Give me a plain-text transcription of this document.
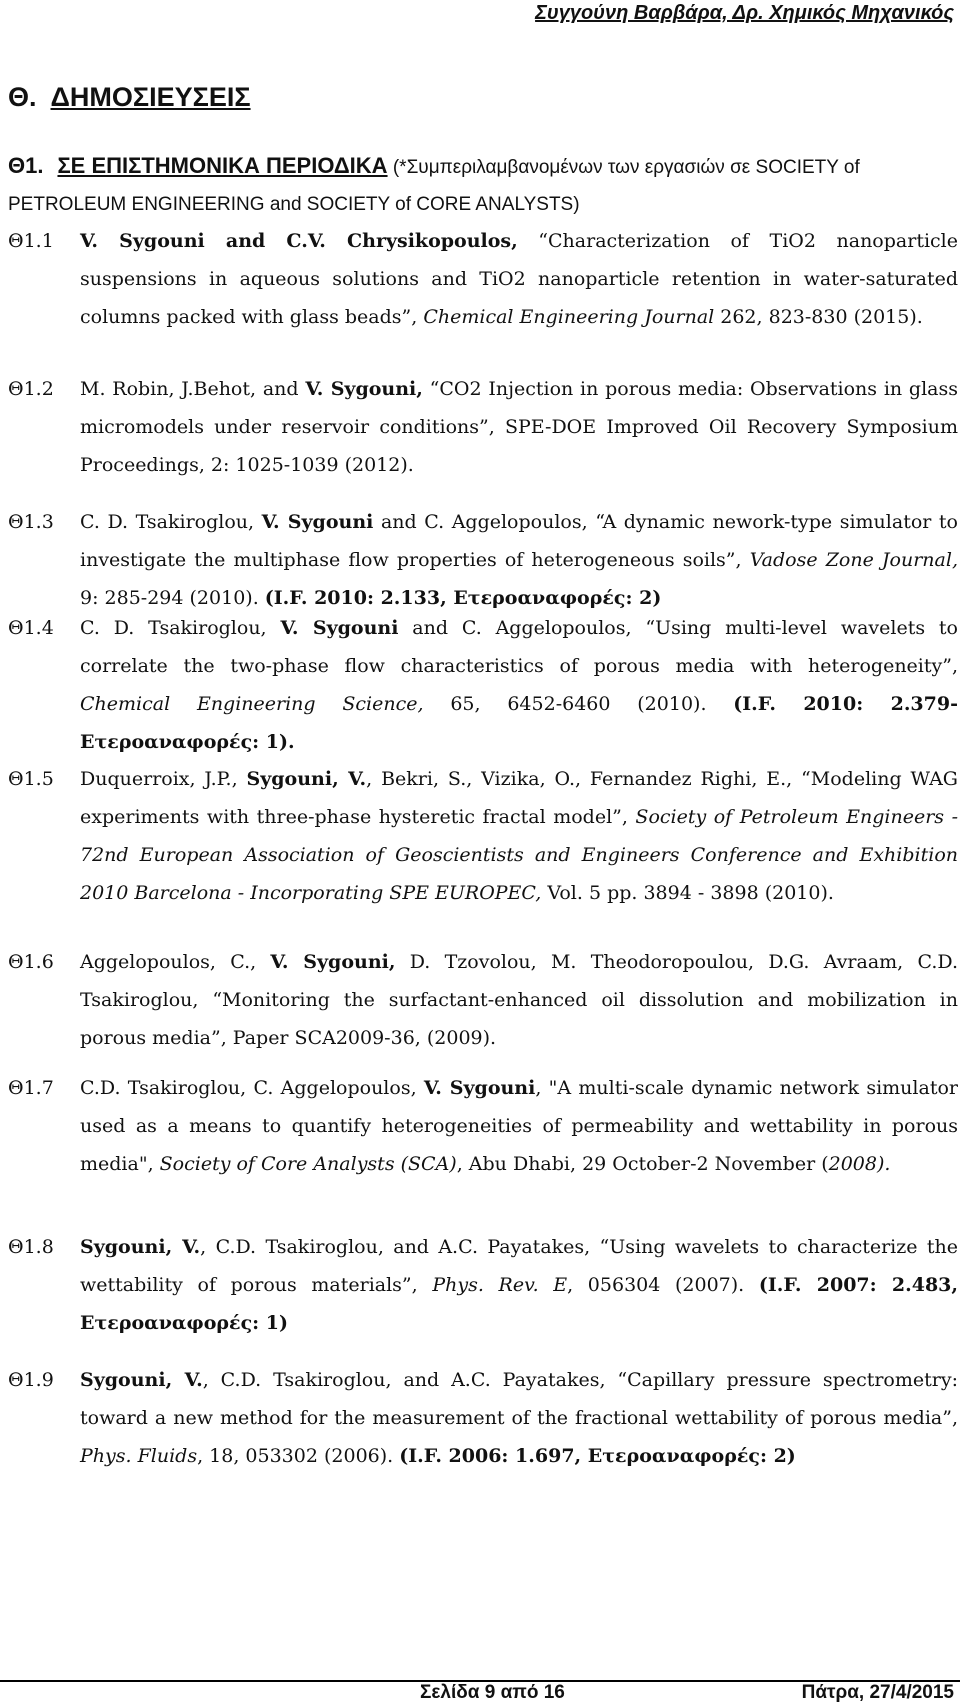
Συγγούνη Βαρβάρα, Δρ. Χημικός Μηχανικός
Θ. ΔΗΜΟΣΙΕΥΣΕΙΣ
Θ1. ΣΕ ΕΠΙΣΤΗΜΟΝΙΚΑ ΠΕΡΙΟΔΙΚΑ (*Συμπεριλαμβανομένων των εργασιών σε SOCIETY of PETROLEUM ENGINEERING and SOCIETY of CORE ANALYSTS)
Θ1.1 V. Sygouni and C.V. Chrysikopoulos, “Characterization of TiO2 nanoparticle suspensions in aqueous solutions and TiO2 nanoparticle retention in water-saturated columns packed with glass beads”, Chemical Engineering Journal 262, 823-830 (2015).
Θ1.2 M. Robin, J.Behot, and V. Sygouni, “CO2 Injection in porous media: Observations in glass micromodels under reservoir conditions”, SPE-DOE Improved Oil Recovery Symposium Proceedings, 2: 1025-1039 (2012).
Θ1.3 C. D. Tsakiroglou, V. Sygouni and C. Aggelopoulos, “A dynamic nework-type simulator to investigate the multiphase flow properties of heterogeneous soils”, Vadose Zone Journal, 9: 285-294 (2010). (I.F. 2010: 2.133, Ετεροαναφορές: 2)
Θ1.4 C. D. Tsakiroglou, V. Sygouni and C. Aggelopoulos, “Using multi-level wavelets to correlate the two-phase flow characteristics of porous media with heterogeneity”, Chemical Engineering Science, 65, 6452-6460 (2010). (I.F. 2010: 2.379- Ετεροαναφορές: 1).
Θ1.5 Duquerroix, J.P., Sygouni, V., Bekri, S., Vizika, O., Fernandez Righi, E., “Modeling WAG experiments with three-phase hysteretic fractal model”, Society of Petroleum Engineers - 72nd European Association of Geoscientists and Engineers Conference and Exhibition 2010 Barcelona - Incorporating SPE EUROPEC, Vol. 5 pp. 3894 - 3898 (2010).
Θ1.6 Aggelopoulos, C., V. Sygouni, D. Tzovolou, M. Theodoropoulou, D.G. Avraam, C.D. Tsakiroglou, “Monitoring the surfactant-enhanced oil dissolution and mobilization in porous media”, Paper SCA2009-36, (2009).
Θ1.7 C.D. Tsakiroglou, C. Aggelopoulos, V. Sygouni, "A multi-scale dynamic network simulator used as a means to quantify heterogeneities of permeability and wettability in porous media", Society of Core Analysts (SCA), Abu Dhabi, 29 October-2 November (2008).
Θ1.8 Sygouni, V., C.D. Tsakiroglou, and A.C. Payatakes, “Using wavelets to characterize the wettability of porous materials”, Phys. Rev. E, 056304 (2007). (I.F. 2007: 2.483, Ετεροαναφορές: 1)
Θ1.9 Sygouni, V., C.D. Tsakiroglou, and A.C. Payatakes, “Capillary pressure spectrometry: toward a new method for the measurement of the fractional wettability of porous media”, Phys. Fluids, 18, 053302 (2006). (I.F. 2006: 1.697, Ετεροαναφορές: 2)
Σελίδα 9 από 16	Πάτρα, 27/4/2015
